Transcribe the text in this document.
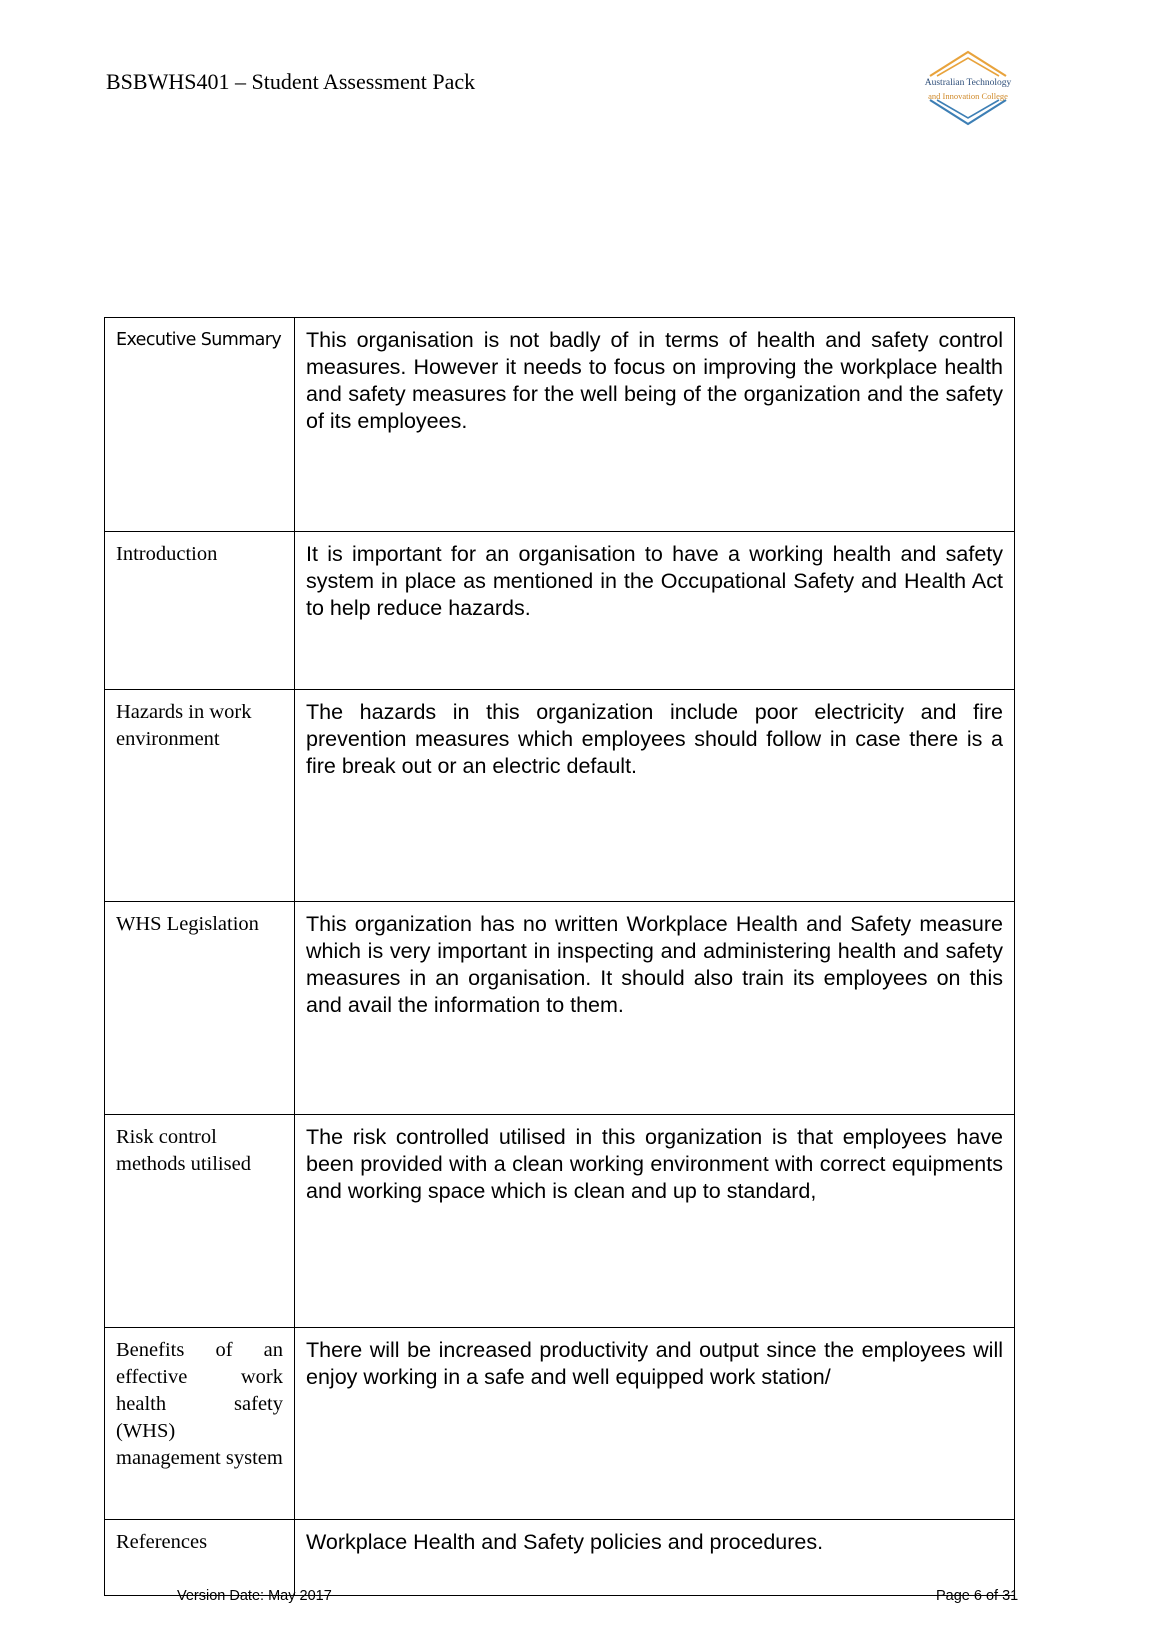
BSBWHS401 – Student Assessment Pack	Australian Technology
and Innovation College
Executive Summary	This organisation is not badly of in terms of health and safety control measures. However it needs to focus on improving the workplace health and safety measures for the well being of the organization and the safety of its employees.
Introduction	It is important for an organisation to have a working health and safety system in place as mentioned in the Occupational Safety and Health Act to help reduce hazards.
Hazards in work environment	The hazards in this organization include poor electricity and fire prevention measures which employees should follow in case there is a fire break out or an electric default.
WHS Legislation	This organization has no written Workplace Health and Safety measure which is very important in inspecting and administering health and safety measures in an organisation. It should also train its employees on this and avail the information to them.
Risk control methods utilised	The risk controlled utilised in this organization is that employees have been provided with a clean working environment with correct equipments and working space which is clean and up to standard,
Benefits of an effective work health safety (WHS) management system	There will be increased productivity and output since the employees will enjoy working in a safe and well equipped work station/
References	Workplace Health and Safety policies and procedures.
Version Date: May 2017	Page 6 of 31
